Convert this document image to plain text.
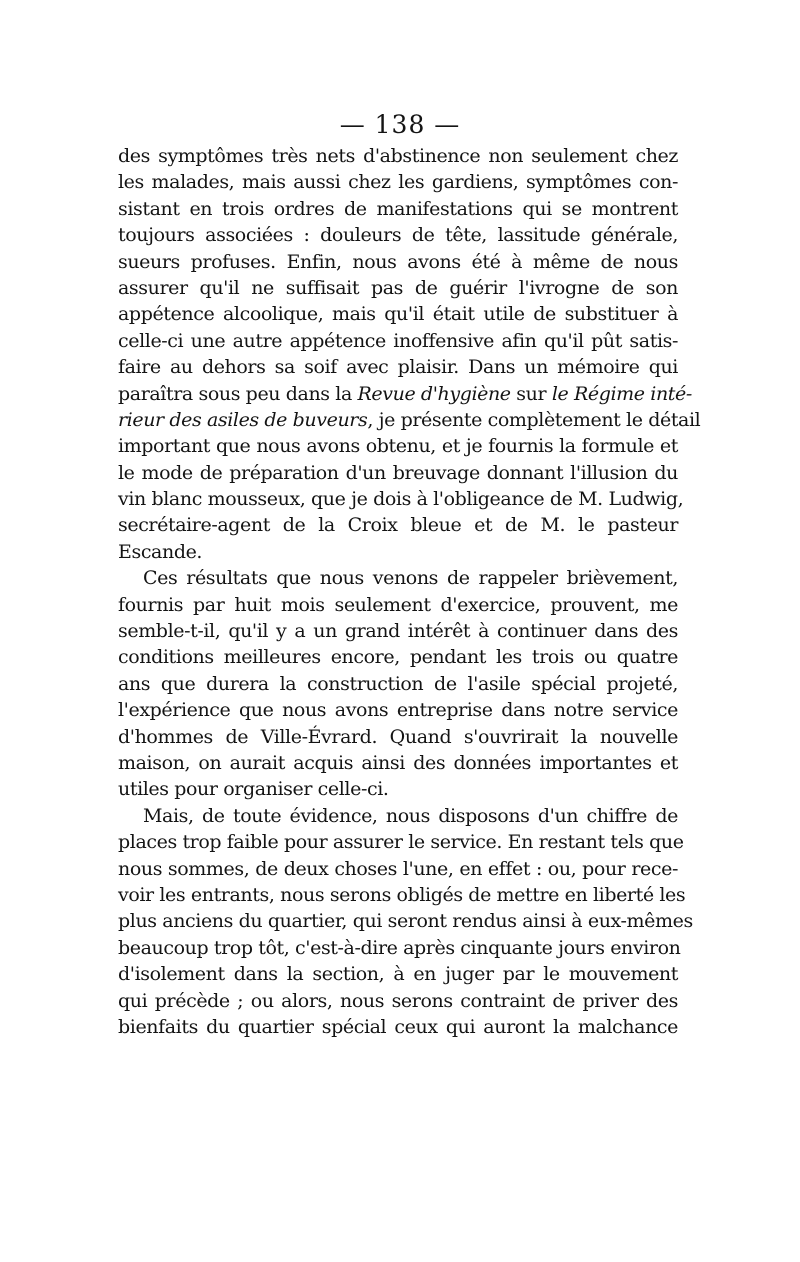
— 138 —
des symptômes très nets d'abstinence non seulement chez
les malades, mais aussi chez les gardiens, symptômes con-
sistant en trois ordres de manifestations qui se montrent
toujours associées : douleurs de tête, lassitude générale,
sueurs profuses. Enfin, nous avons été à même de nous
assurer qu'il ne suffisait pas de guérir l'ivrogne de son
appétence alcoolique, mais qu'il était utile de substituer à
celle-ci une autre appétence inoffensive afin qu'il pût satis-
faire au dehors sa soif avec plaisir. Dans un mémoire qui
paraîtra sous peu dans la Revue d'hygiène sur le Régime inté-
rieur des asiles de buveurs, je présente complètement le détail
important que nous avons obtenu, et je fournis la formule et
le mode de préparation d'un breuvage donnant l'illusion du
vin blanc mousseux, que je dois à l'obligeance de M. Ludwig,
secrétaire-agent de la Croix bleue et de M. le pasteur
Escande.
Ces résultats que nous venons de rappeler brièvement,
fournis par huit mois seulement d'exercice, prouvent, me
semble-t-il, qu'il y a un grand intérêt à continuer dans des
conditions meilleures encore, pendant les trois ou quatre
ans que durera la construction de l'asile spécial projeté,
l'expérience que nous avons entreprise dans notre service
d'hommes de Ville-Évrard. Quand s'ouvrirait la nouvelle
maison, on aurait acquis ainsi des données importantes et
utiles pour organiser celle-ci.
Mais, de toute évidence, nous disposons d'un chiffre de
places trop faible pour assurer le service. En restant tels que
nous sommes, de deux choses l'une, en effet : ou, pour rece-
voir les entrants, nous serons obligés de mettre en liberté les
plus anciens du quartier, qui seront rendus ainsi à eux-mêmes
beaucoup trop tôt, c'est-à-dire après cinquante jours environ
d'isolement dans la section, à en juger par le mouvement
qui précède ; ou alors, nous serons contraint de priver des
bienfaits du quartier spécial ceux qui auront la malchance
